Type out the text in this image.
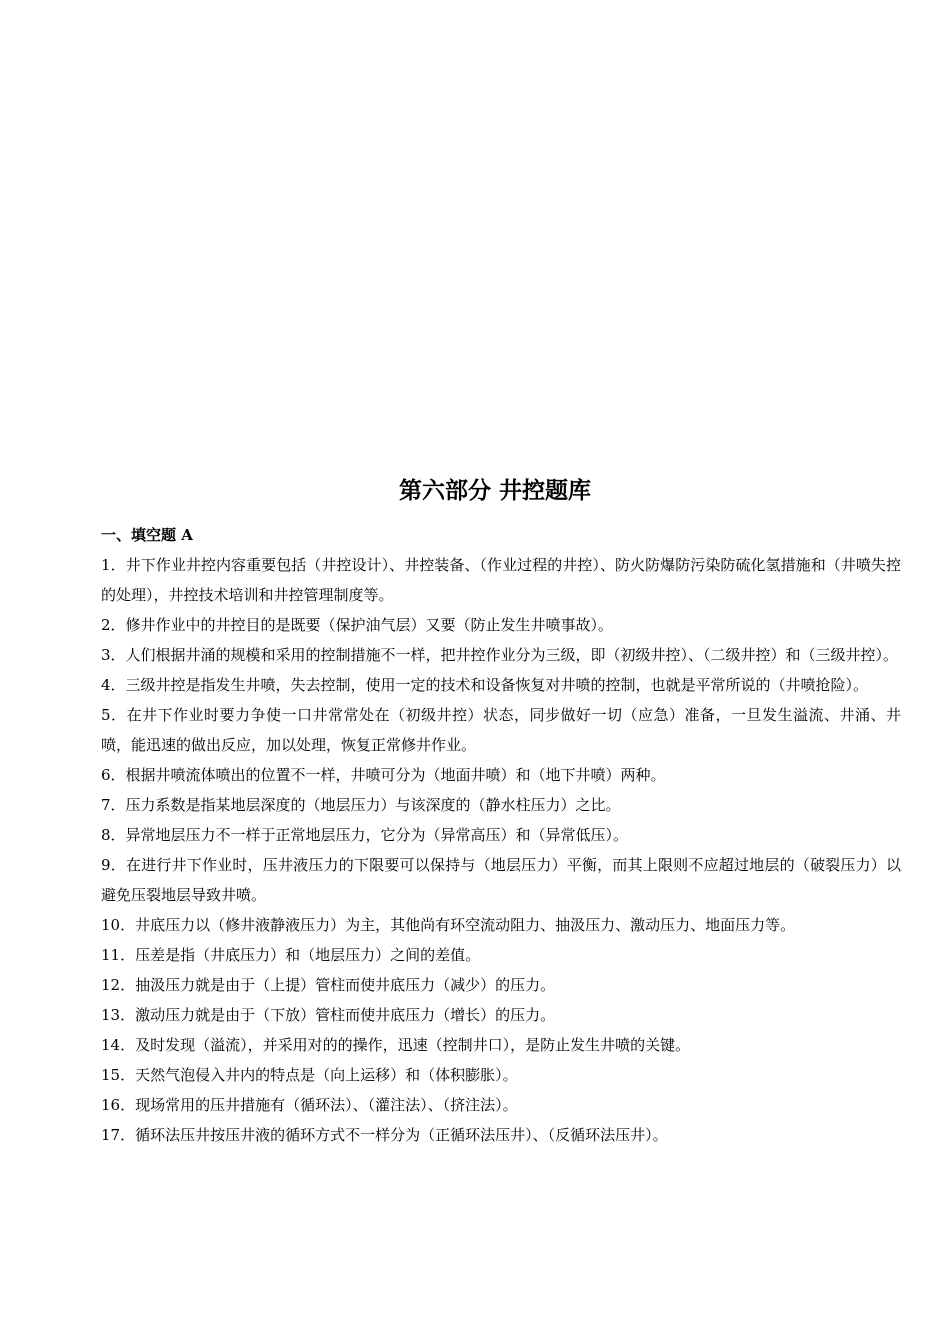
第六部分 井控题库
一、填空题 A

1．井下作业井控内容重要包括（井控设计）、井控装备、（作业过程的井控）、防火防爆防污染防硫化氢措施和（井喷失控的处理），井控技术培训和井控管理制度等。

2．修井作业中的井控目的是既要（保护油气层）又要（防止发生井喷事故）。

3．人们根据井涌的规模和采用的控制措施不一样，把井控作业分为三级，即（初级井控）、（二级井控）和（三级井控）。

4．三级井控是指发生井喷，失去控制，使用一定的技术和设备恢复对井喷的控制，也就是平常所说的（井喷抢险）。

5．在井下作业时要力争使一口井常常处在（初级井控）状态，同步做好一切（应急）准备，一旦发生溢流、井涌、井喷，能迅速的做出反应，加以处理，恢复正常修井作业。

6．根据井喷流体喷出的位置不一样，井喷可分为（地面井喷）和（地下井喷）两种。

7．压力系数是指某地层深度的（地层压力）与该深度的（静水柱压力）之比。

8．异常地层压力不一样于正常地层压力，它分为（异常高压）和（异常低压）。

9．在进行井下作业时，压井液压力的下限要可以保持与（地层压力）平衡，而其上限则不应超过地层的（破裂压力）以避免压裂地层导致井喷。

10．井底压力以（修井液静液压力）为主，其他尚有环空流动阻力、抽汲压力、激动压力、地面压力等。

11．压差是指（井底压力）和（地层压力）之间的差值。

12．抽汲压力就是由于（上提）管柱而使井底压力（减少）的压力。

13．激动压力就是由于（下放）管柱而使井底压力（增长）的压力。

14．及时发现（溢流），并采用对的的操作，迅速（控制井口），是防止发生井喷的关键。

15．天然气泡侵入井内的特点是（向上运移）和（体积膨胀）。

16．现场常用的压井措施有（循环法）、（灌注法）、（挤注法）。

17．循环法压井按压井液的循环方式不一样分为（正循环法压井）、（反循环法压井）。
